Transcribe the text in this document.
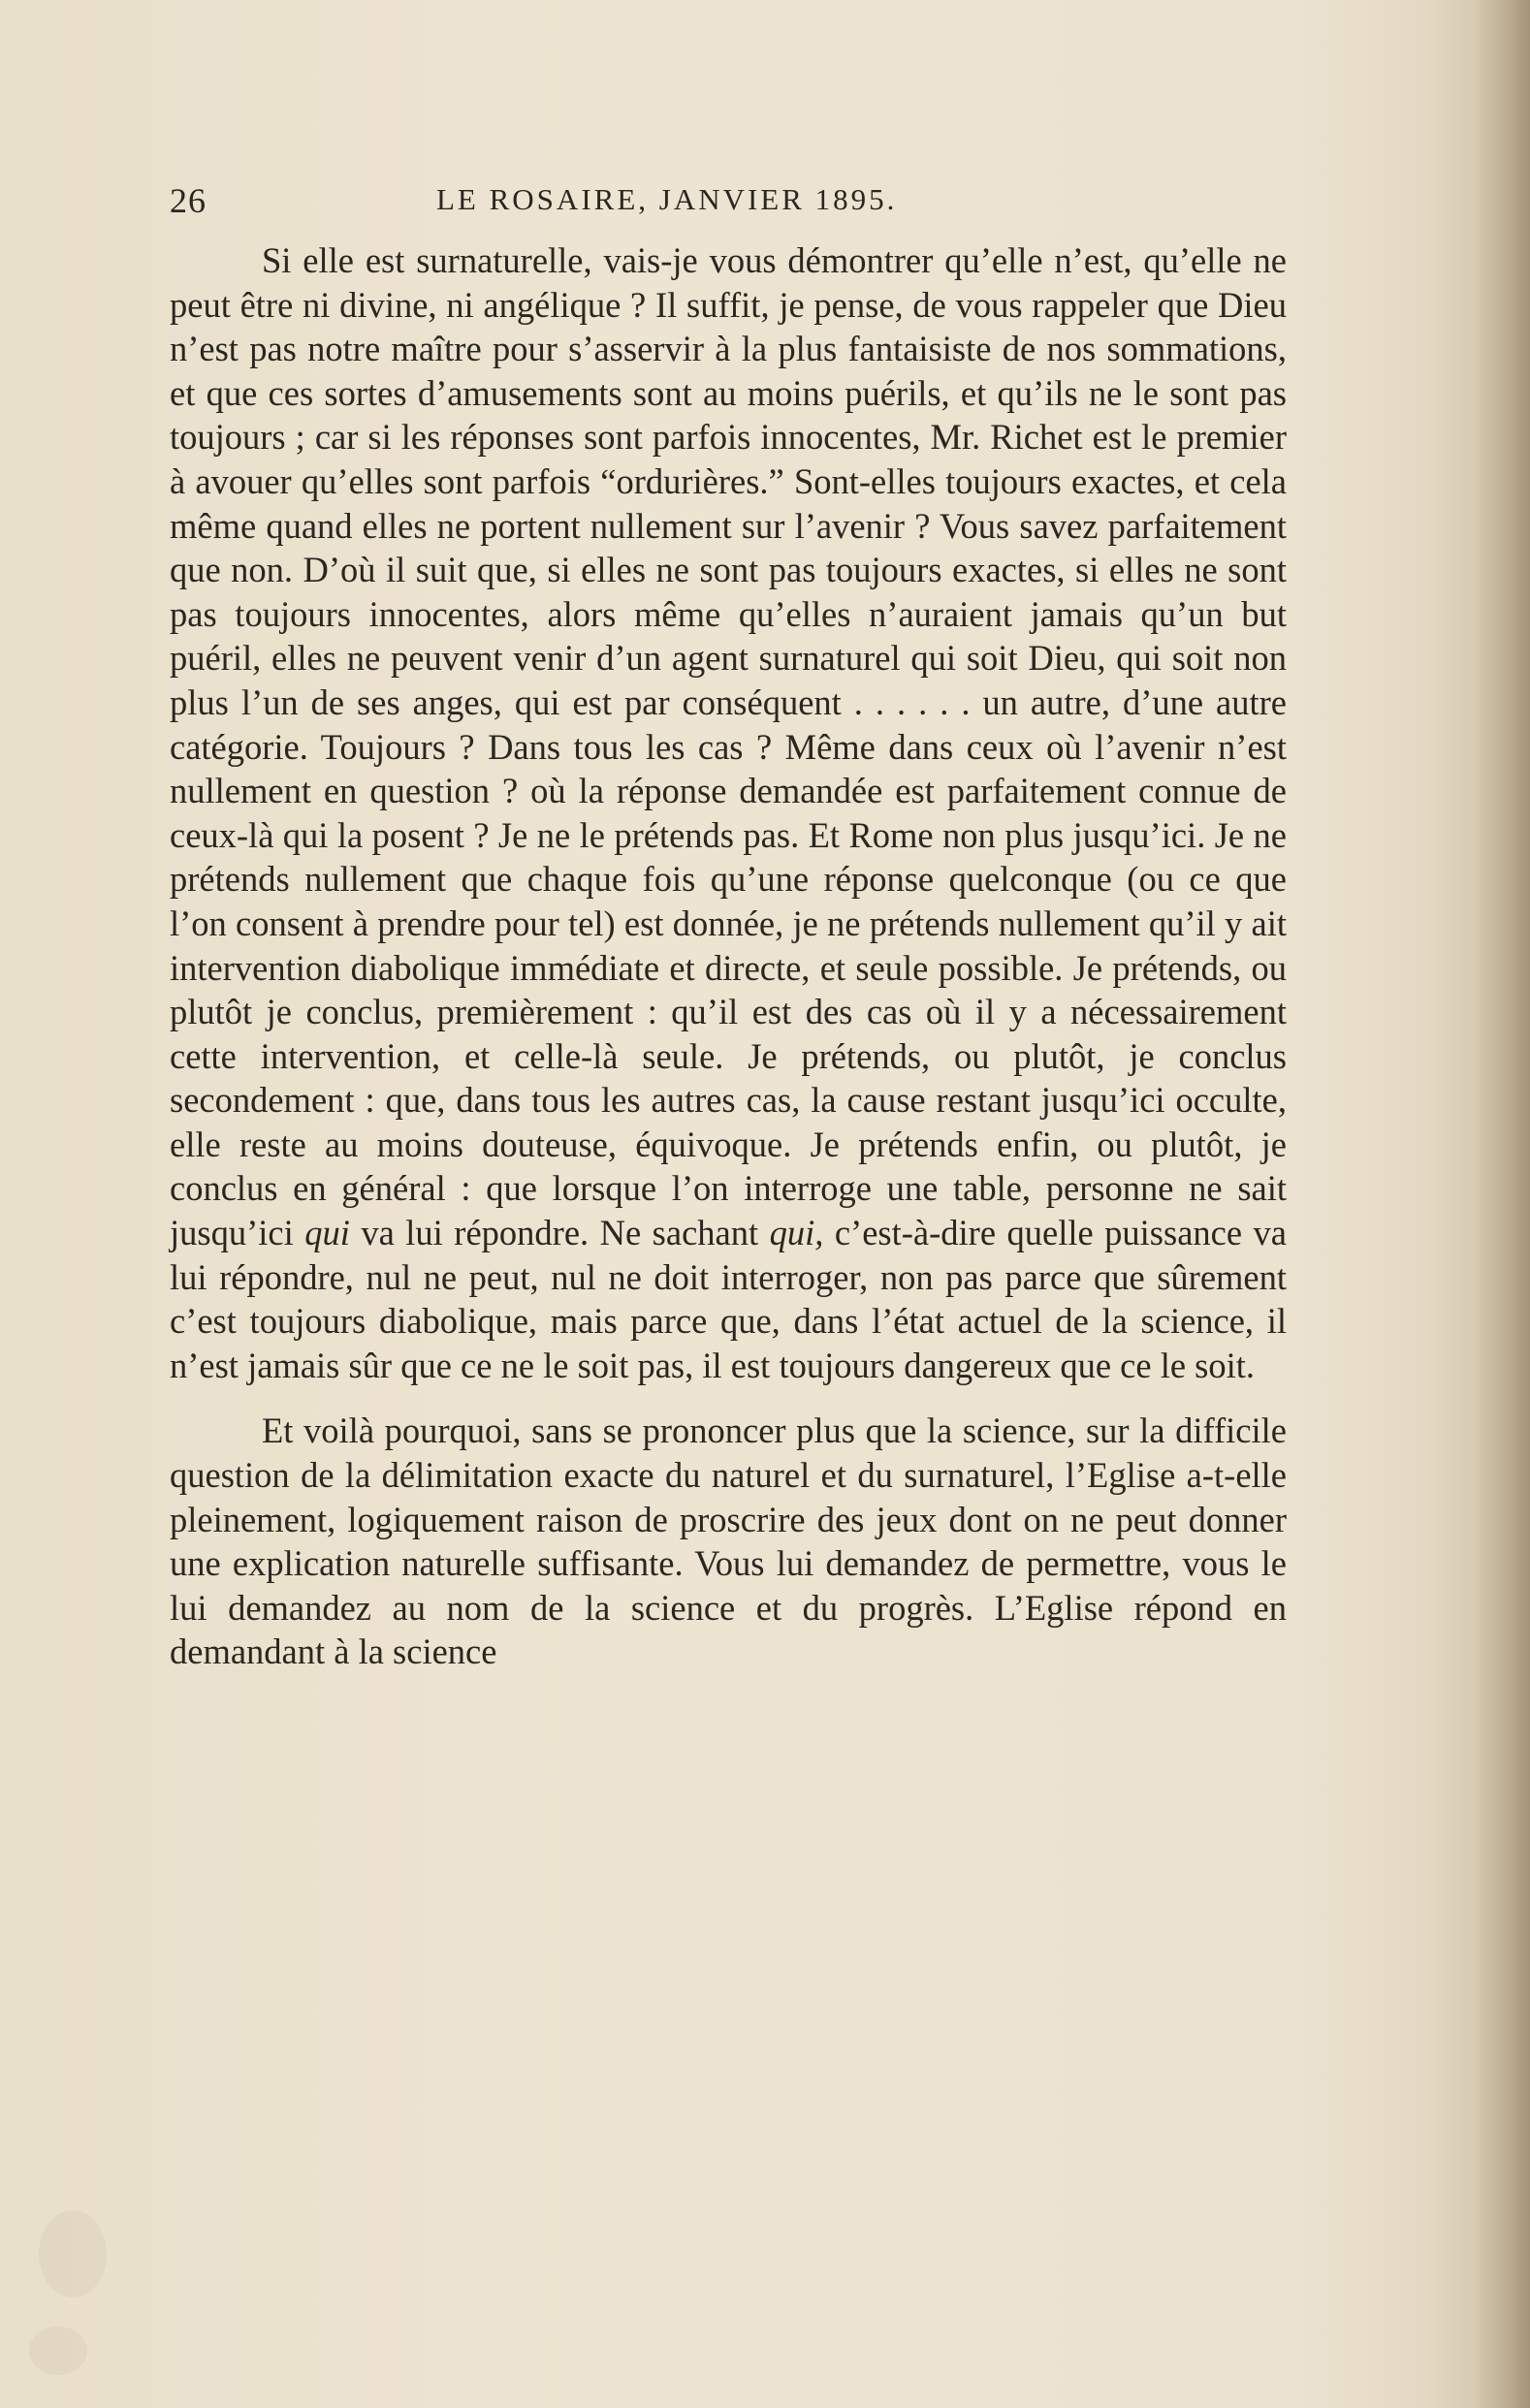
26	LE ROSAIRE, JANVIER 1895.

Si elle est surnaturelle, vais-je vous démontrer qu’elle n’est, qu’elle ne peut être ni divine, ni angélique ? Il suffit, je pense, de vous rappeler que Dieu n’est pas notre maître pour s’asservir à la plus fantaisiste de nos sommations, et que ces sortes d’amusements sont au moins puérils, et qu’ils ne le sont pas toujours ; car si les réponses sont parfois innocentes, Mr. Richet est le premier à avouer qu’elles sont parfois “ordurières.” Sont-elles toujours exactes, et cela même quand elles ne portent nullement sur l’avenir ? Vous savez parfaitement que non. D’où il suit que, si elles ne sont pas toujours exactes, si elles ne sont pas toujours innocentes, alors même qu’elles n’auraient jamais qu’un but puéril, elles ne peuvent venir d’un agent surnaturel qui soit Dieu, qui soit non plus l’un de ses anges, qui est par conséquent . . . . . . un autre, d’une autre catégorie. Toujours ? Dans tous les cas ? Même dans ceux où l’avenir n’est nullement en question ? où la réponse demandée est parfaitement connue de ceux-là qui la posent ? Je ne le prétends pas. Et Rome non plus jusqu’ici. Je ne prétends nullement que chaque fois qu’une réponse quelconque (ou ce que l’on consent à prendre pour tel) est donnée, je ne prétends nullement qu’il y ait intervention diabolique immédiate et directe, et seule possible. Je prétends, ou plutôt je conclus, premièrement : qu’il est des cas où il y a nécessairement cette intervention, et celle-là seule. Je prétends, ou plutôt, je conclus secondement : que, dans tous les autres cas, la cause restant jusqu’ici occulte, elle reste au moins douteuse, équivoque. Je prétends enfin, ou plutôt, je conclus en général : que lorsque l’on interroge une table, personne ne sait jusqu’ici qui va lui répondre. Ne sachant qui, c’est-à-dire quelle puissance va lui répondre, nul ne peut, nul ne doit interroger, non pas parce que sûrement c’est toujours diabolique, mais parce que, dans l’état actuel de la science, il n’est jamais sûr que ce ne le soit pas, il est toujours dangereux que ce le soit.

Et voilà pourquoi, sans se prononcer plus que la science, sur la difficile question de la délimitation exacte du naturel et du surnaturel, l’Eglise a-t-elle pleinement, logiquement raison de proscrire des jeux dont on ne peut donner une explication naturelle suffisante. Vous lui demandez de permettre, vous le lui demandez au nom de la science et du progrès. L’Eglise répond en demandant à la science
